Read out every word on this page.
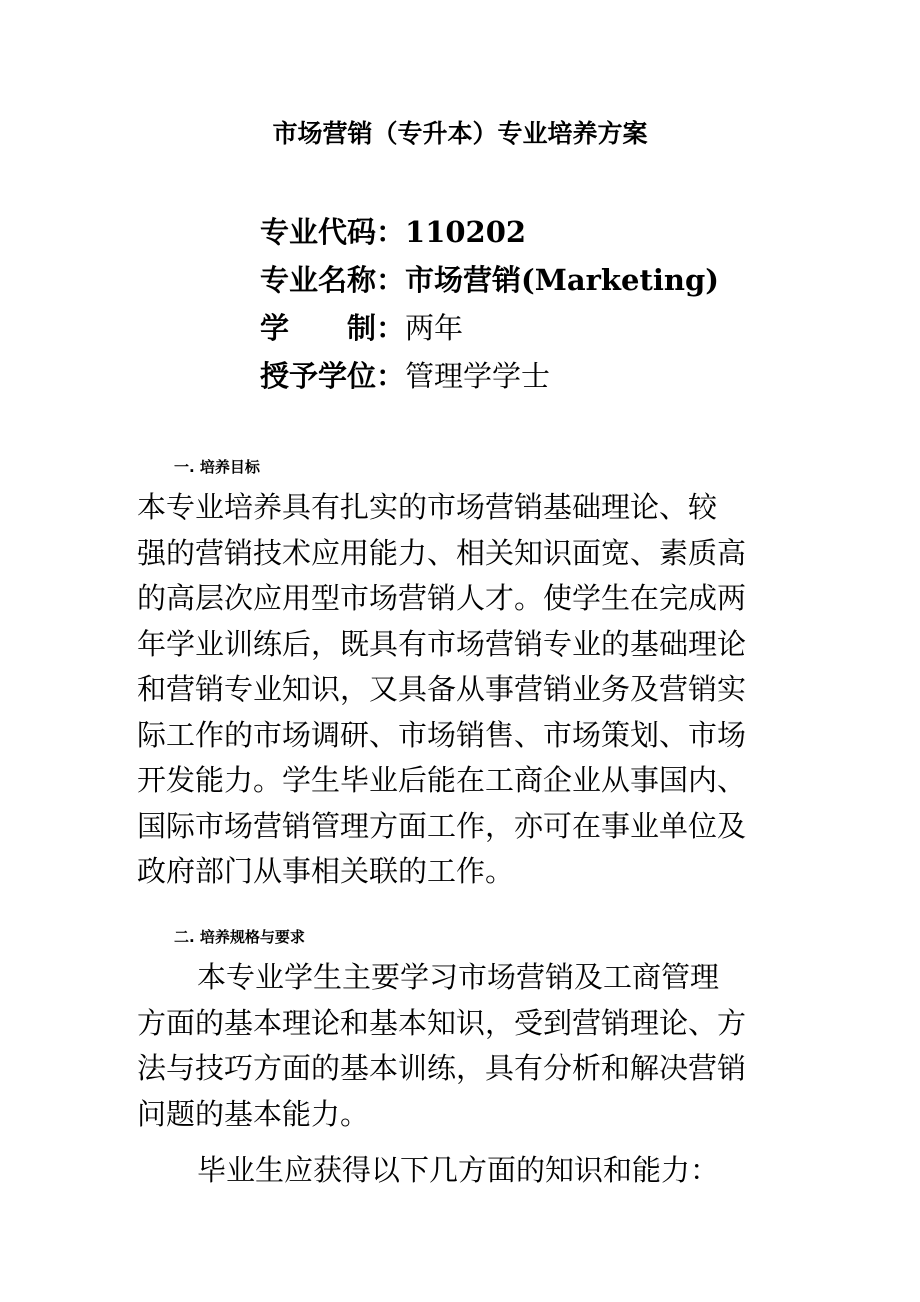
市场营销（专升本）专业培养方案
专业代码： 110202
专业名称： 市场营销(Marketing)
学　　制： 两年
授予学位： 管理学学士
一. 培养目标
本专业培养具有扎实的市场营销基础理论、较
强的营销技术应用能力、相关知识面宽、素质高
的高层次应用型市场营销人才。使学生在完成两
年学业训练后，既具有市场营销专业的基础理论
和营销专业知识，又具备从事营销业务及营销实
际工作的市场调研、市场销售、市场策划、市场
开发能力。学生毕业后能在工商企业从事国内、
国际市场营销管理方面工作，亦可在事业单位及
政府部门从事相关联的工作。
二. 培养规格与要求
本专业学生主要学习市场营销及工商管理
方面的基本理论和基本知识，受到营销理论、方
法与技巧方面的基本训练，具有分析和解决营销
问题的基本能力。
毕业生应获得以下几方面的知识和能力：
